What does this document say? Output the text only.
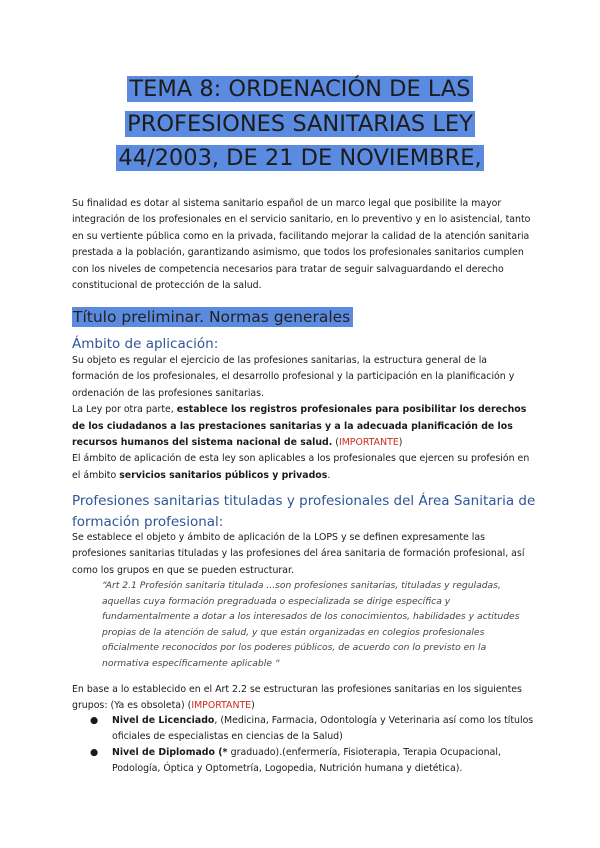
TEMA 8: ORDENACIÓN DE LAS
PROFESIONES SANITARIAS LEY
44/2003, DE 21 DE NOVIEMBRE,
Su finalidad es dotar al sistema sanitario español de un marco legal que posibilite la mayor integración de los profesionales en el servicio sanitario, en lo preventivo y en lo asistencial, tanto en su vertiente pública como en la privada, facilitando mejorar la calidad de la atención sanitaria prestada a la población, garantizando asimismo, que todos los profesionales sanitarios cumplen con los niveles de competencia necesarios para tratar de seguir salvaguardando el derecho constitucional de protección de la salud.
Título preliminar. Normas generales
Ámbito de aplicación:
Su objeto es regular el ejercicio de las profesiones sanitarias, la estructura general de la formación de los profesionales, el desarrollo profesional y la participación en la planificación y ordenación de las profesiones sanitarias.
La Ley por otra parte, establece los registros profesionales para posibilitar los derechos de los ciudadanos a las prestaciones sanitarias y a la adecuada planificación de los recursos humanos del sistema nacional de salud. (IMPORTANTE)
El ámbito de aplicación de esta ley son aplicables a los profesionales que ejercen su profesión en el ámbito servicios sanitarios públicos y privados.
Profesiones sanitarias tituladas y profesionales del Área Sanitaria de formación profesional:
Se establece el objeto y ámbito de aplicación de la LOPS y se definen expresamente las profesiones sanitarias tituladas y las profesiones del área sanitaria de formación profesional, así como los grupos en que se pueden estructurar.
“Art 2.1 Profesión sanitaria titulada ...son profesiones sanitarias, tituladas y reguladas, aquellas cuya formación pregraduada o especializada se dirige específica y fundamentalmente a dotar a los interesados de los conocimientos, habilidades y actitudes propias de la atención de salud, y que están organizadas en colegios profesionales oficialmente reconocidos por los poderes públicos, de acuerdo con lo previsto en la normativa específicamente aplicable “
En base a lo establecido en el Art 2.2 se estructuran las profesiones sanitarias en los siguientes grupos: (Ya es obsoleta) (IMPORTANTE)
● Nivel de Licenciado, (Medicina, Farmacia, Odontología y Veterinaria así como los títulos oficiales de especialistas en ciencias de la Salud)
● Nivel de Diplomado (* graduado).(enfermería, Fisioterapia, Terapia Ocupacional, Podología, Óptica y Optometría, Logopedia, Nutrición humana y dietética).
